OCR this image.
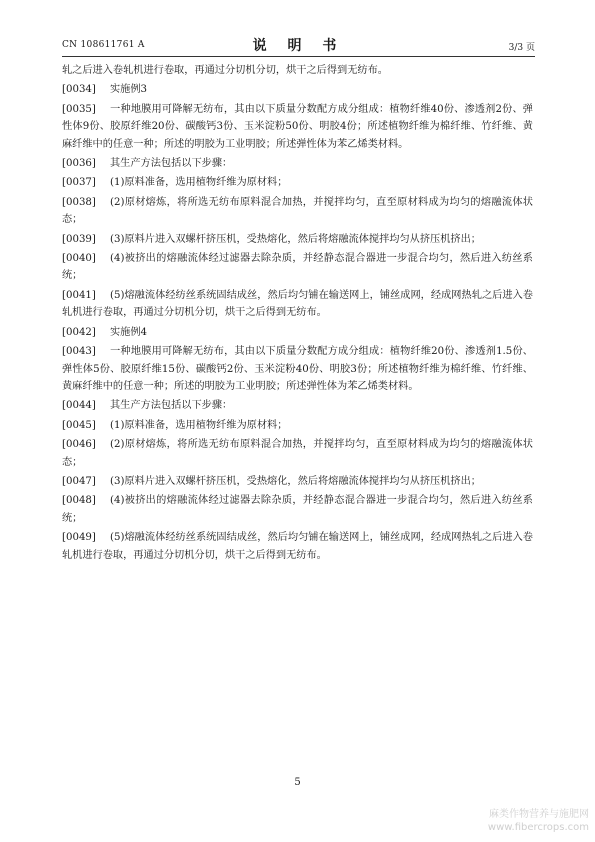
CN 108611761 A	说 明 书	3/3 页

轧之后进入卷轧机进行卷取，再通过分切机分切，烘干之后得到无纺布。

[0034] 实施例3

[0035] 一种地膜用可降解无纺布，其由以下质量分数配方成分组成：植物纤维40份、渗透剂2份、弹性体9份、胶原纤维20份、碳酸钙3份、玉米淀粉50份、明胶4份；所述植物纤维为棉纤维、竹纤维、黄麻纤维中的任意一种；所述的明胶为工业明胶；所述弹性体为苯乙烯类材料。

[0036] 其生产方法包括以下步骤：

[0037] (1)原料准备，选用植物纤维为原材料；

[0038] (2)原材熔炼，将所选无纺布原料混合加热，并搅拌均匀，直至原材料成为均匀的熔融流体状态；

[0039] (3)原料片进入双螺杆挤压机，受热熔化，然后将熔融流体搅拌均匀从挤压机挤出；

[0040] (4)被挤出的熔融流体经过滤器去除杂质，并经静态混合器进一步混合均匀，然后进入纺丝系统；

[0041] (5)熔融流体经纺丝系统固结成丝，然后均匀铺在输送网上，铺丝成网，经成网热轧之后进入卷轧机进行卷取，再通过分切机分切，烘干之后得到无纺布。

[0042] 实施例4

[0043] 一种地膜用可降解无纺布，其由以下质量分数配方成分组成：植物纤维20份、渗透剂1.5份、弹性体5份、胶原纤维15份、碳酸钙2份、玉米淀粉40份、明胶3份；所述植物纤维为棉纤维、竹纤维、黄麻纤维中的任意一种；所述的明胶为工业明胶；所述弹性体为苯乙烯类材料。

[0044] 其生产方法包括以下步骤：

[0045] (1)原料准备，选用植物纤维为原材料；

[0046] (2)原材熔炼，将所选无纺布原料混合加热，并搅拌均匀，直至原材料成为均匀的熔融流体状态；

[0047] (3)原料片进入双螺杆挤压机，受热熔化，然后将熔融流体搅拌均匀从挤压机挤出；

[0048] (4)被挤出的熔融流体经过滤器去除杂质，并经静态混合器进一步混合均匀，然后进入纺丝系统；

[0049] (5)熔融流体经纺丝系统固结成丝，然后均匀铺在输送网上，铺丝成网，经成网热轧之后进入卷轧机进行卷取，再通过分切机分切，烘干之后得到无纺布。

5
麻类作物营养与施肥网
www.fibercrops.com
